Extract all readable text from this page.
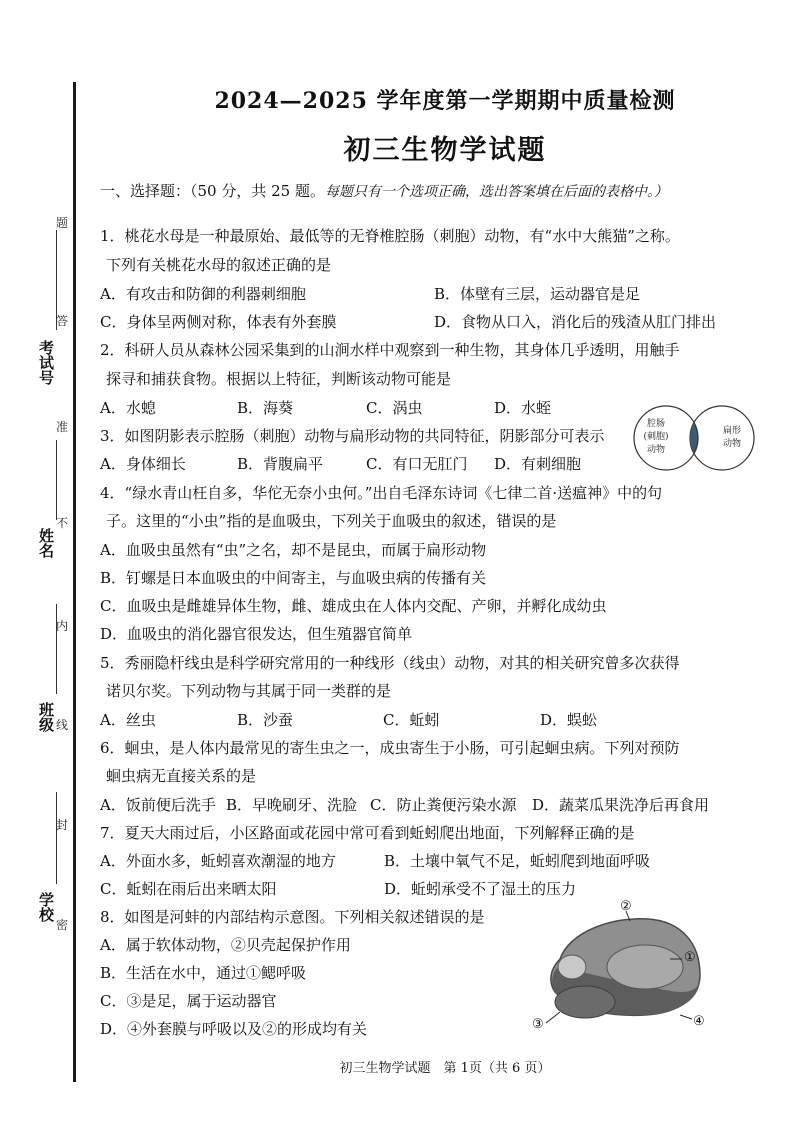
考试号
姓名
班级
学校
题
答
准
不
内
线
封
密
2024—2025 学年度第一学期期中质量检测
初三生物学试题
一、选择题：（50 分，共 25 题。每题只有一个选项正确，选出答案填在后面的表格中。）
1．桃花水母是一种最原始、最低等的无脊椎腔肠（刺胞）动物，有“水中大熊猫”之称。
下列有关桃花水母的叙述正确的是
A．有攻击和防御的利器刺细胞	B．体壁有三层，运动器官是足
C．身体呈两侧对称，体表有外套膜	D．食物从口入，消化后的残渣从肛门排出
2．科研人员从森林公园采集到的山涧水样中观察到一种生物，其身体几乎透明，用触手
探寻和捕获食物。根据以上特征，判断该动物可能是
A．水螅	B．海葵	C．涡虫	D．水蛭
3．如图阴影表示腔肠（刺胞）动物与扁形动物的共同特征，阴影部分可表示
A．身体细长	B．背腹扁平	C．有口无肛门 D．有刺细胞
腔肠
(刺胞)
动物
扁形
动物
4．“绿水青山枉自多，华佗无奈小虫何。”出自毛泽东诗词《七律二首·送瘟神》中的句
子。这里的“小虫”指的是血吸虫，下列关于血吸虫的叙述，错误的是
A．血吸虫虽然有“虫”之名，却不是昆虫，而属于扁形动物
B．钉螺是日本血吸虫的中间寄主，与血吸虫病的传播有关
C．血吸虫是雌雄异体生物，雌、雄成虫在人体内交配、产卵，并孵化成幼虫
D．血吸虫的消化器官很发达，但生殖器官简单
5．秀丽隐杆线虫是科学研究常用的一种线形（线虫）动物，对其的相关研究曾多次获得
诺贝尔奖。下列动物与其属于同一类群的是
A．丝虫	B．沙蚕	C．蚯蚓	D．蜈蚣
6．蛔虫，是人体内最常见的寄生虫之一，成虫寄生于小肠，可引起蛔虫病。下列对预防
蛔虫病无直接关系的是
A．饭前便后洗手 B．早晚刷牙、洗脸 C．防止粪便污染水源 D．蔬菜瓜果洗净后再食用
7．夏天大雨过后，小区路面或花园中常可看到蚯蚓爬出地面，下列解释正确的是
A．外面水多，蚯蚓喜欢潮湿的地方	B．土壤中氧气不足，蚯蚓爬到地面呼吸
C．蚯蚓在雨后出来晒太阳	D．蚯蚓承受不了湿土的压力
8．如图是河蚌的内部结构示意图。下列相关叙述错误的是
A．属于软体动物，②贝壳起保护作用
B．生活在水中，通过①鳃呼吸
C．③是足，属于运动器官
D．④外套膜与呼吸以及②的形成均有关
①
②
③	④
初三生物学试题　第 1页（共 6 页）
